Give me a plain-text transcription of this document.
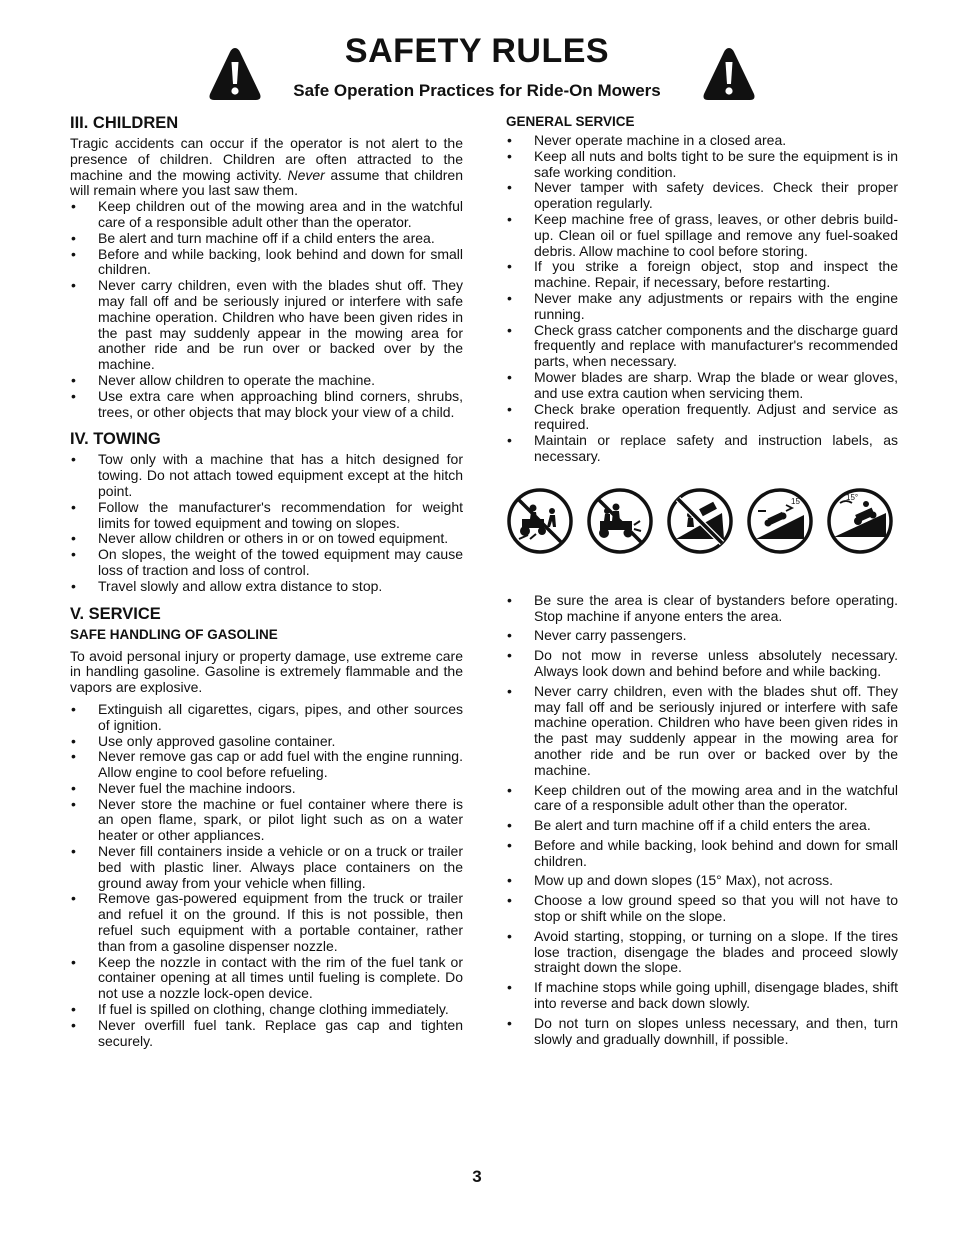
SAFETY RULES
Safe Operation Practices for Ride-On Mowers
III. CHILDREN

Tragic accidents can occur if the operator is not alert to the presence of children. Children are often attracted to the machine and the mowing activity. Never assume that children will remain where you last saw them.

• Keep children out of the mowing area and in the watchful care of a responsible adult other than the operator.
• Be alert and turn machine off if a child enters the area.
• Before and while backing, look behind and down for small children.
• Never carry children, even with the blades shut off. They may fall off and be seriously injured or interfere with safe machine operation. Children who have been given rides in the past may suddenly appear in the mowing area for another ride and be run over or backed over by the machine.
• Never allow children to operate the machine.
• Use extra care when approaching blind corners, shrubs, trees, or other objects that may block your view of a child.
IV. TOWING
• Tow only with a machine that has a hitch designed for towing. Do not attach towed equipment except at the hitch point.
• Follow the manufacturer's recommendation for weight limits for towed equipment and towing on slopes.
• Never allow children or others in or on towed equipment.
• On slopes, the weight of the towed equipment may cause loss of traction and loss of control.
• Travel slowly and allow extra distance to stop.
V. SERVICE
SAFE HANDLING OF GASOLINE

To avoid personal injury or property damage, use extreme care in handling gasoline. Gasoline is extremely flammable and the vapors are explosive.

• Extinguish all cigarettes, cigars, pipes, and other sources of ignition.
• Use only approved gasoline container.
• Never remove gas cap or add fuel with the engine running. Allow engine to cool before refueling.
• Never fuel the machine indoors.
• Never store the machine or fuel container where there is an open flame, spark, or pilot light such as on a water heater or other appliances.
• Never fill containers inside a vehicle or on a truck or trailer bed with plastic liner. Always place containers on the ground away from your vehicle when filling.
• Remove gas-powered equipment from the truck or trailer and refuel it on the ground. If this is not possible, then refuel such equipment with a portable container, rather than from a gasoline dispenser nozzle.
• Keep the nozzle in contact with the rim of the fuel tank or container opening at all times until fueling is complete. Do not use a nozzle lock-open device.
• If fuel is spilled on clothing, change clothing immediately.
• Never overfill fuel tank. Replace gas cap and tighten securely.
GENERAL SERVICE
• Never operate machine in a closed area.
• Keep all nuts and bolts tight to be sure the equipment is in safe working condition.
• Never tamper with safety devices. Check their proper operation regularly.
• Keep machine free of grass, leaves, or other debris build-up. Clean oil or fuel spillage and remove any fuel-soaked debris. Allow machine to cool before storing.
• If you strike a foreign object, stop and inspect the machine. Repair, if necessary, before restarting.
• Never make any adjustments or repairs with the engine running.
• Check grass catcher components and the discharge guard frequently and replace with manufacturer's recommended parts, when necessary.
• Mower blades are sharp. Wrap the blade or wear gloves, and use extra caution when servicing them.
• Check brake operation frequently. Adjust and service as required.
• Maintain or replace safety and instruction labels, as necessary.
15°	15°
• Be sure the area is clear of bystanders before operating. Stop machine if anyone enters the area.
• Never carry passengers.
• Do not mow in reverse unless absolutely necessary. Always look down and behind before and while backing.
• Never carry children, even with the blades shut off. They may fall off and be seriously injured or interfere with safe machine operation. Children who have been given rides in the past may suddenly appear in the mowing area for another ride and be run over or backed over by the machine.
• Keep children out of the mowing area and in the watchful care of a responsible adult other than the operator.
• Be alert and turn machine off if a child enters the area.
• Before and while backing, look behind and down for small children.
• Mow up and down slopes (15° Max), not across.
• Choose a low ground speed so that you will not have to stop or shift while on the slope.
• Avoid starting, stopping, or turning on a slope. If the tires lose traction, disengage the blades and proceed slowly straight down the slope.
• If machine stops while going uphill, disengage blades, shift into reverse and back down slowly.
• Do not turn on slopes unless necessary, and then, turn slowly and gradually downhill, if possible.

3
